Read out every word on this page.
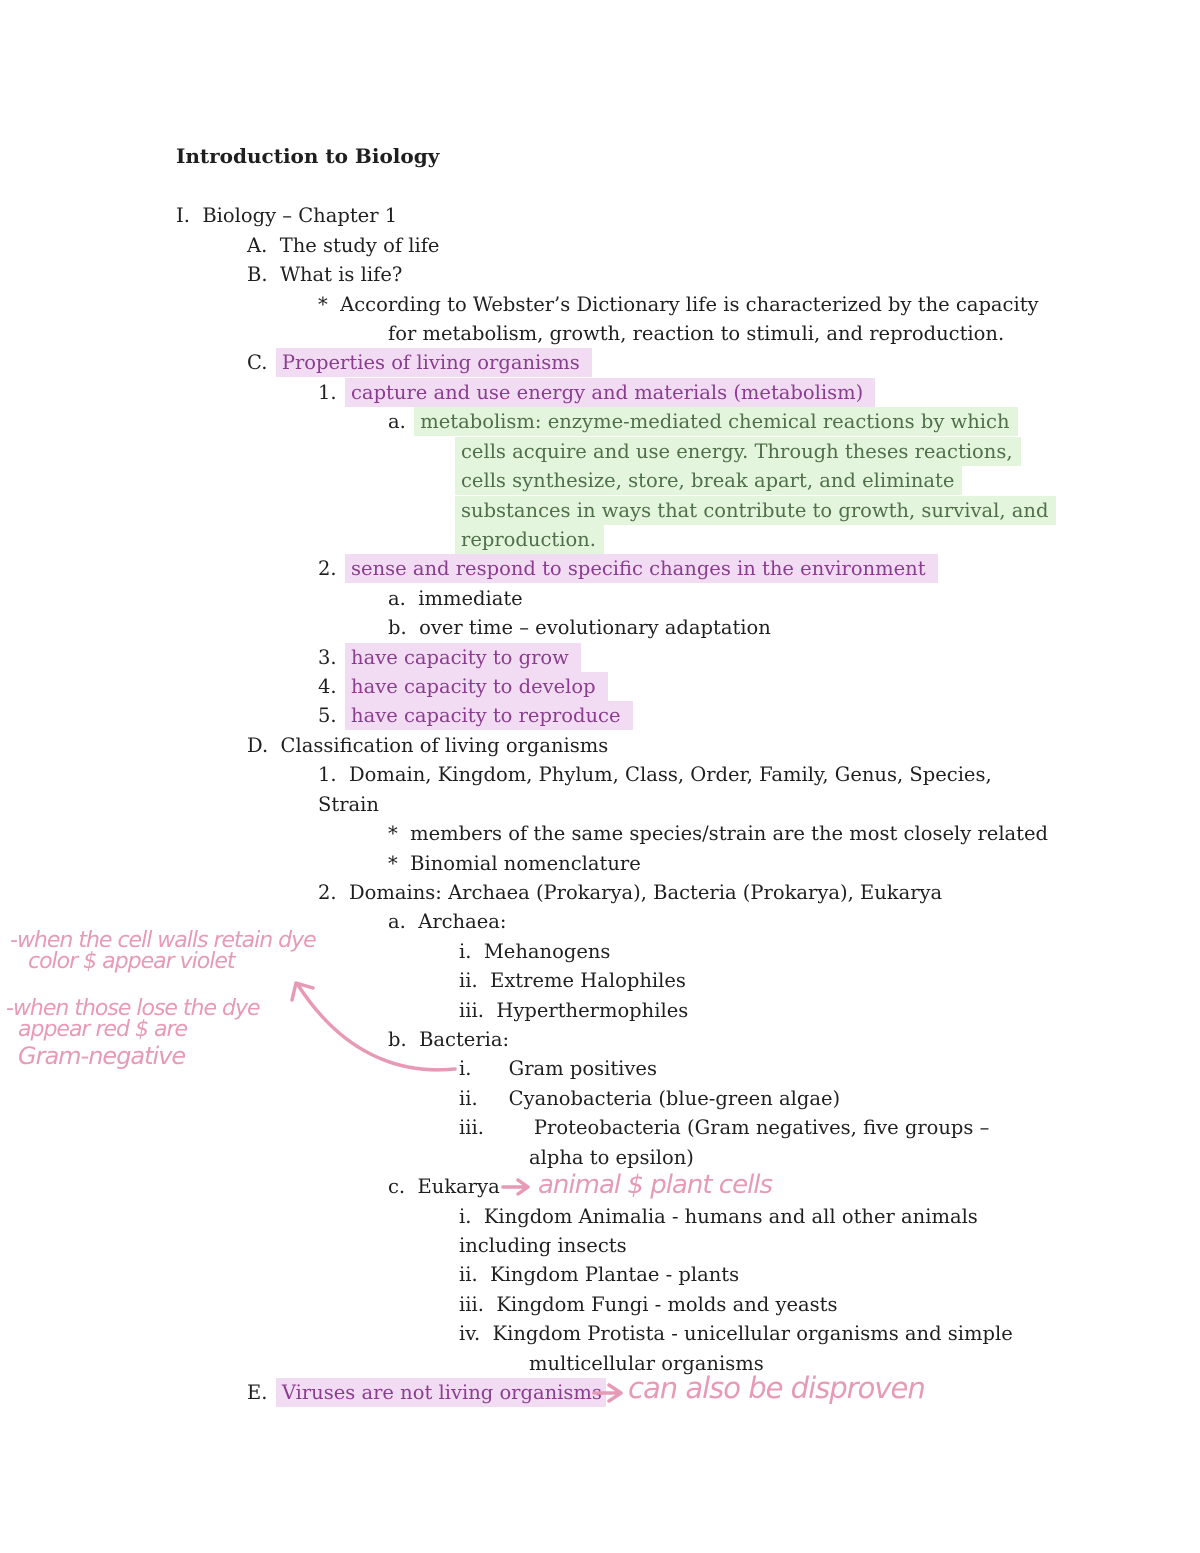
Introduction to Biology

I. Biology – Chapter 1

A. The study of life

B. What is life?

* According to Webster’s Dictionary life is characterized by the capacity

for metabolism, growth, reaction to stimuli, and reproduction.

C. Properties of living organisms

1. capture and use energy and materials (metabolism)

a. metabolism: enzyme-mediated chemical reactions by which

cells acquire and use energy. Through theses reactions,

cells synthesize, store, break apart, and eliminate

substances in ways that contribute to growth, survival, and

reproduction.

2. sense and respond to specific changes in the environment

a. immediate

b. over time – evolutionary adaptation

3. have capacity to grow

4. have capacity to develop

5. have capacity to reproduce

D. Classification of living organisms

1. Domain, Kingdom, Phylum, Class, Order, Family, Genus, Species,

Strain

* members of the same species/strain are the most closely related

* Binomial nomenclature

2. Domains: Archaea (Prokarya), Bacteria (Prokarya), Eukarya

a. Archaea:

i. Mehanogens

ii. Extreme Halophiles

iii. Hyperthermophiles

b. Bacteria:

i. Gram positives

ii. Cyanobacteria (blue-green algae)

iii.	Proteobacteria (Gram negatives, five groups –

alpha to epsilon)

c. Eukarya

i. Kingdom Animalia - humans and all other animals

including insects

ii. Kingdom Plantae - plants

iii. Kingdom Fungi - molds and yeasts

iv. Kingdom Protista - unicellular organisms and simple

multicellular organisms

E. Viruses are not living organisms

-when the cell walls retain dye
color $ appear violet
-when those lose the dye
appear red $ are
Gram-negative
animal $ plant cells
can also be disproven
